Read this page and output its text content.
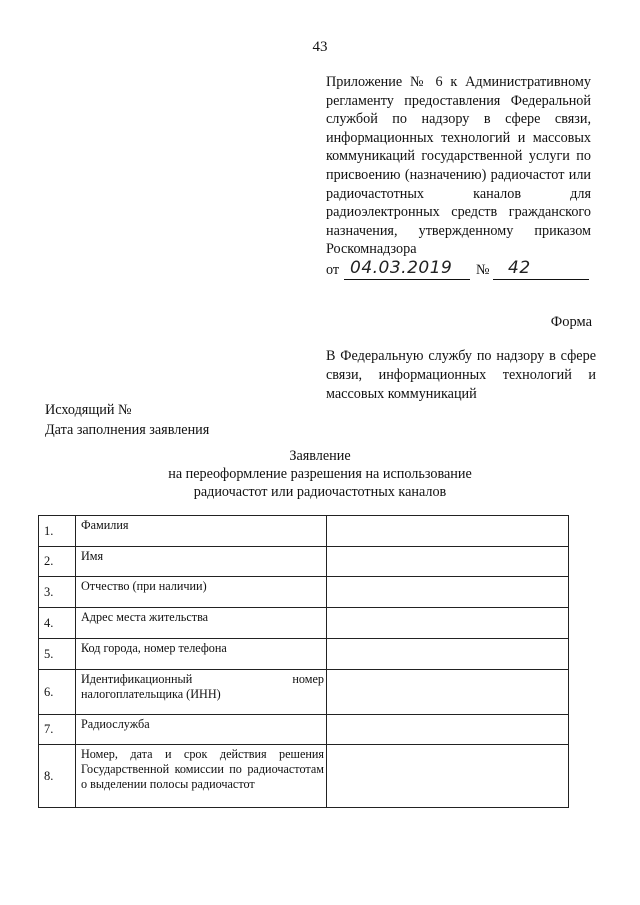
43
Приложение № 6 к Административному регламенту предоставления Федеральной службой по надзору в сфере связи, информационных технологий и массовых коммуникаций государственной услуги по присвоению (назначению) радиочастот или радиочастотных каналов для радиоэлектронных средств гражданского назначения, утвержденному приказом Роскомнадзора
от 04.03.2019 № 42
Форма
В Федеральную службу по надзору в сфере связи, информационных технологий и массовых коммуникаций
Исходящий №
Дата заполнения заявления
Заявление
на переоформление разрешения на использование
радиочастот или радиочастотных каналов
1.	Фамилия	
2.	Имя	
3.	Отчество (при наличии)	
4.	Адрес места жительства	
5.	Код города, номер телефона	
6.	Идентификационный номер налогоплательщика (ИНН)	
7.	Радиослужба	
8.	Номер, дата и срок действия решения Государственной комиссии по радиочастотам о выделении полосы радиочастот	
